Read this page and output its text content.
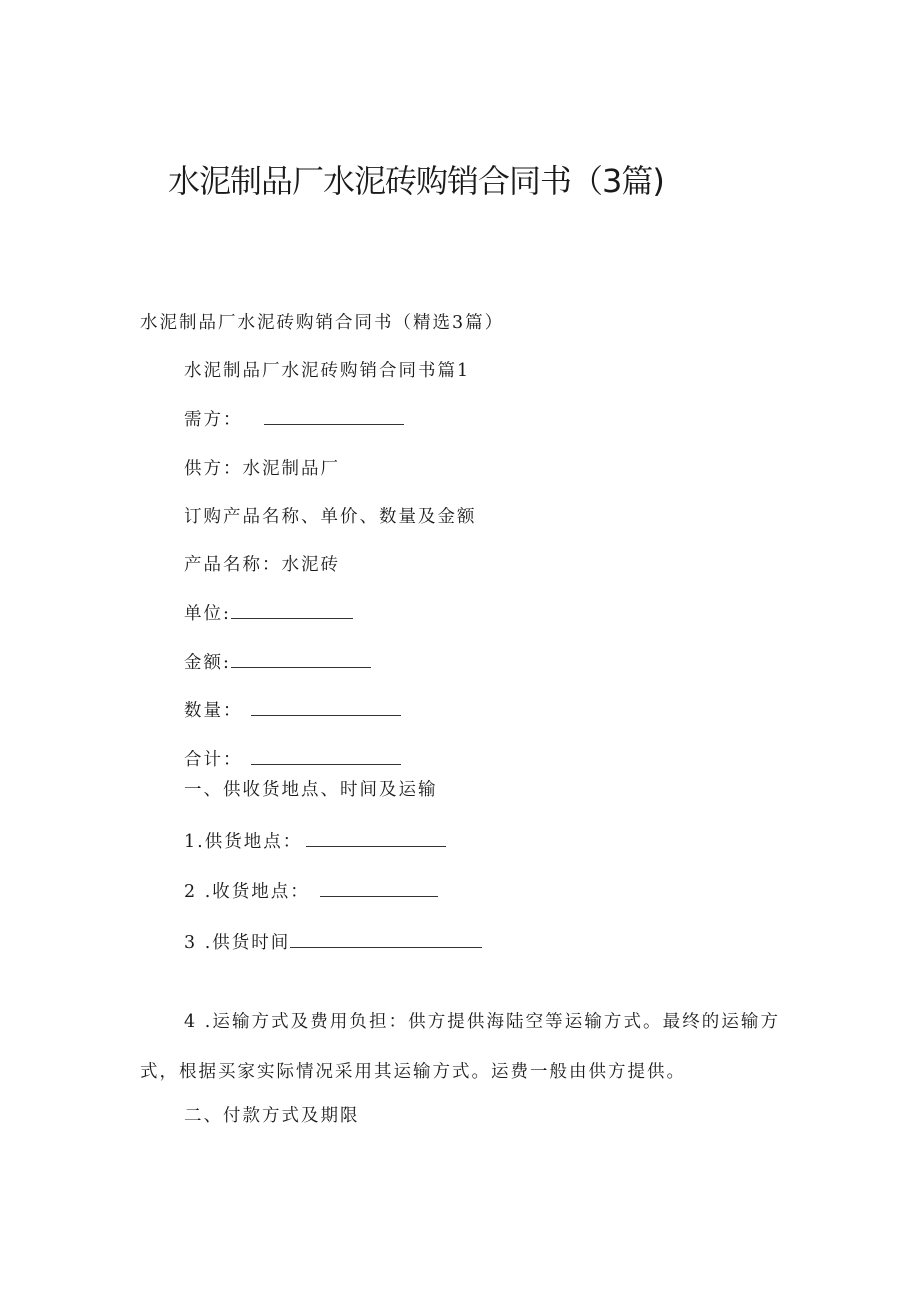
水泥制品厂水泥砖购销合同书（3篇)
水泥制品厂水泥砖购销合同书（精选3篇）
水泥制品厂水泥砖购销合同书篇1
需方：
供方：水泥制品厂
订购产品名称、单价、数量及金额
产品名称：水泥砖
单位:
金额:
数量：
合计：
一、供收货地点、时间及运输
1.供货地点：
2 .收货地点：
3 .供货时间
4 .运输方式及费用负担：供方提供海陆空等运输方式。最终的运输方式，根据买家实际情况采用其运输方式。运费一般由供方提供。
二、付款方式及期限
